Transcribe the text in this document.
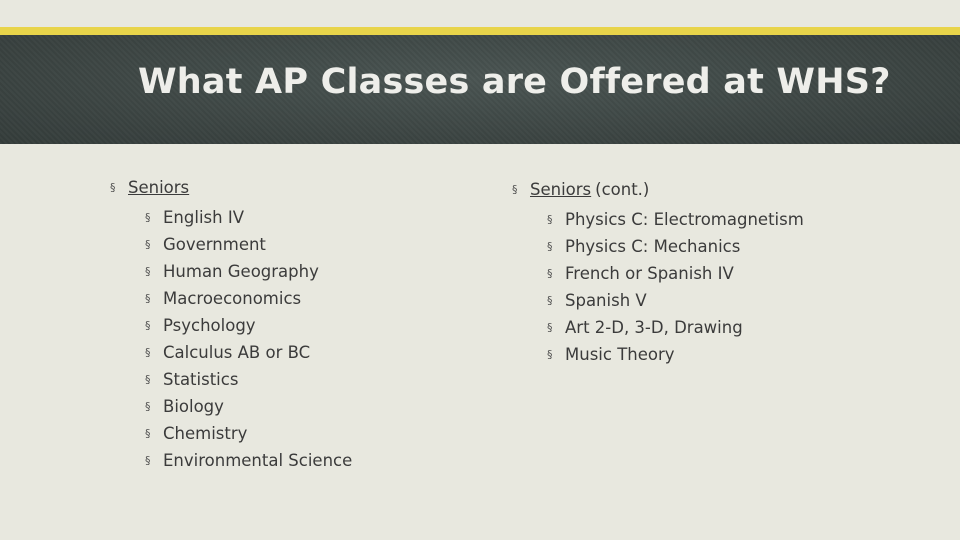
What AP Classes are Offered at WHS?
§ Seniors
§ English IV
§ Government
§ Human Geography
§ Macroeconomics
§ Psychology
§ Calculus AB or BC
§ Statistics
§ Biology
§ Chemistry
§ Environmental Science
§ Seniors (cont.)
§ Physics C: Electromagnetism
§ Physics C: Mechanics
§ French or Spanish IV
§ Spanish V
§ Art 2-D, 3-D, Drawing
§ Music Theory
